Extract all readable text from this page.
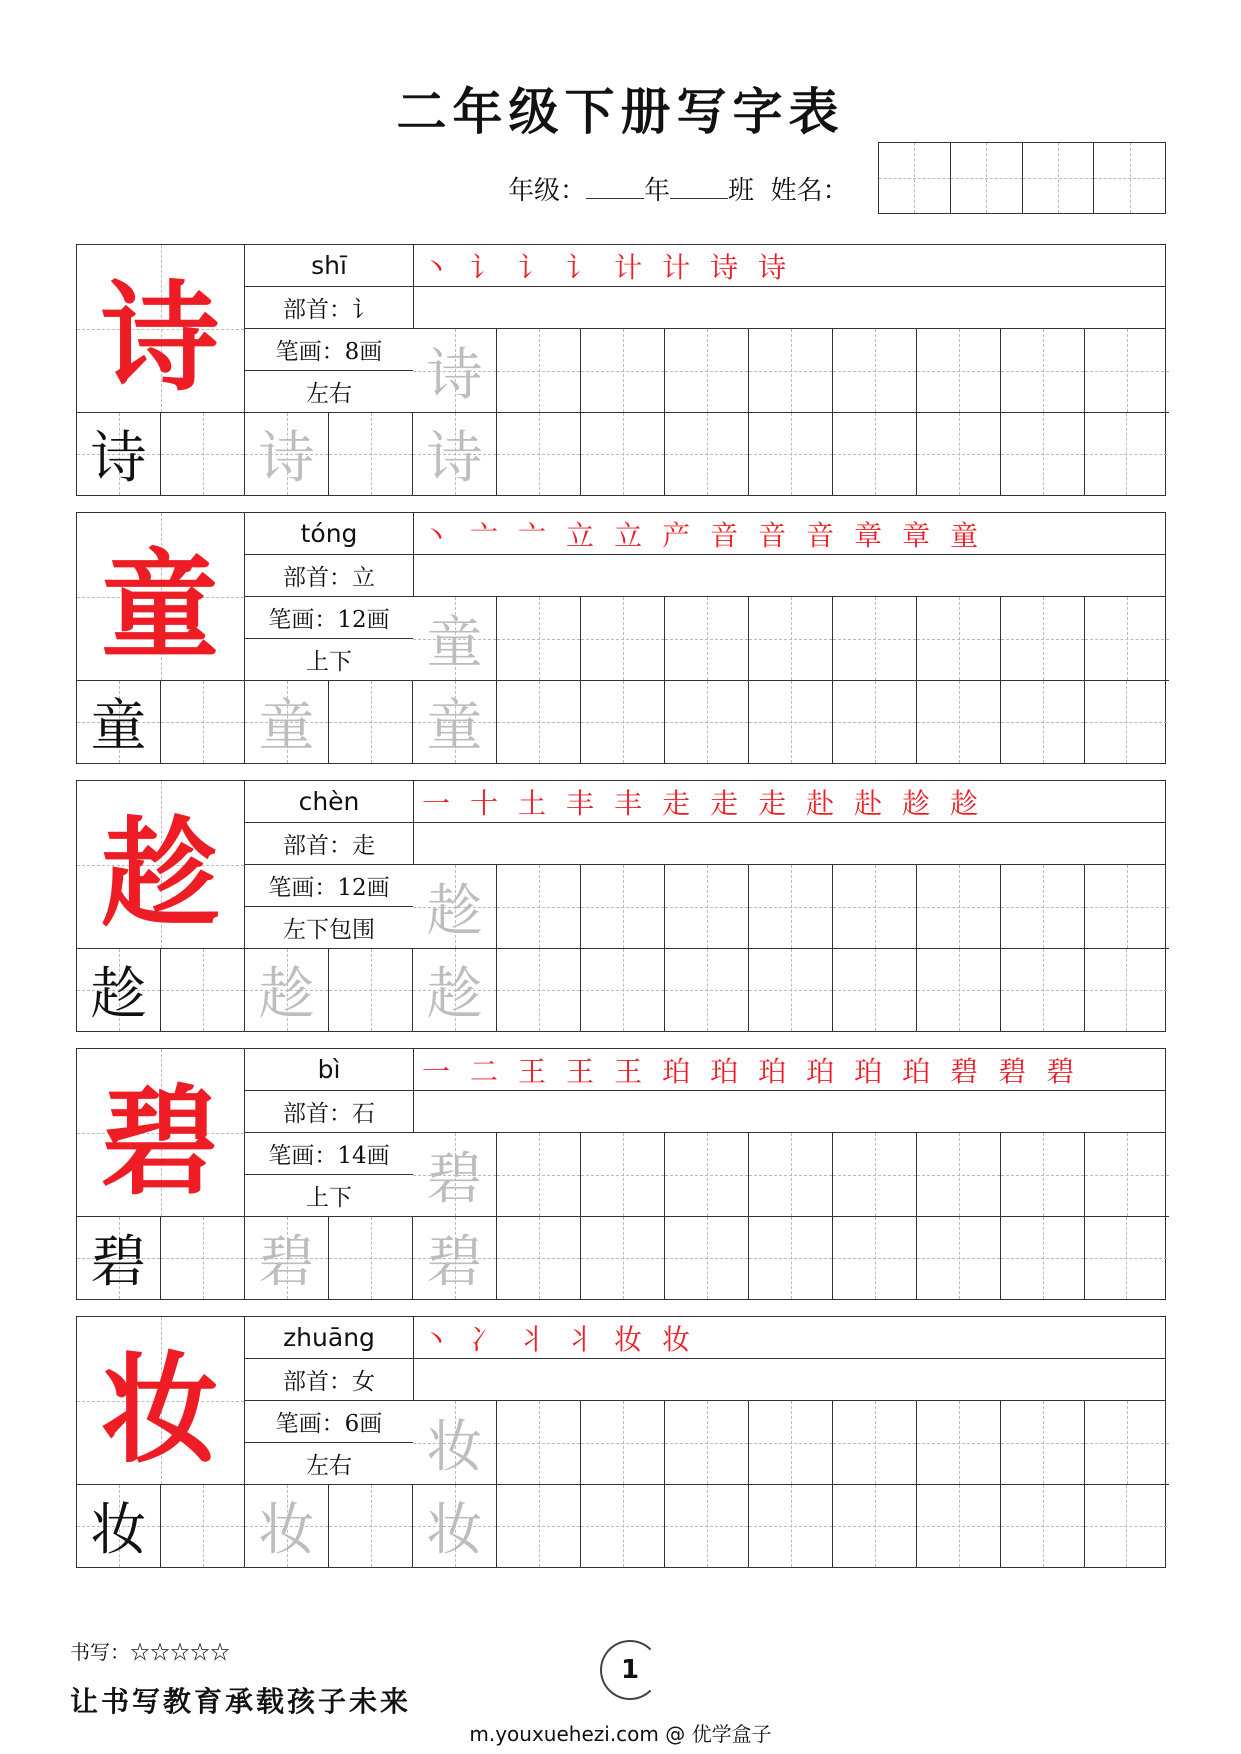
二年级下册写字表
年级： 年 班 姓名：
诗
shī
部首： 讠
笔画： 8画
左右
丶 讠 讠 讠 计 计 诗 诗
诗
诗 诗 诗
童
tóng
部首： 立
笔画： 12画
上下
丶 亠 亠 立 立 产 音 音 音 章 章 童
童
童 童 童
趁
chèn
部首： 走
笔画： 12画
左下包围
一 十 土 丰 丰 走 走 走 赴 赴 趁 趁
趁
趁 趁 趁
碧
bì
部首： 石
笔画： 14画
上下
一 二 王 王 王 珀 珀 珀 珀 珀 珀 碧 碧 碧
碧
碧 碧 碧
妆
zhuāng
部首： 女
笔画： 6画
左右
丶 冫 丬 丬 妆 妆
妆
妆 妆 妆
书写：☆☆☆☆☆
让书写教育承载孩子未来
1
m.youxuehezi.com @ 优学盒子
